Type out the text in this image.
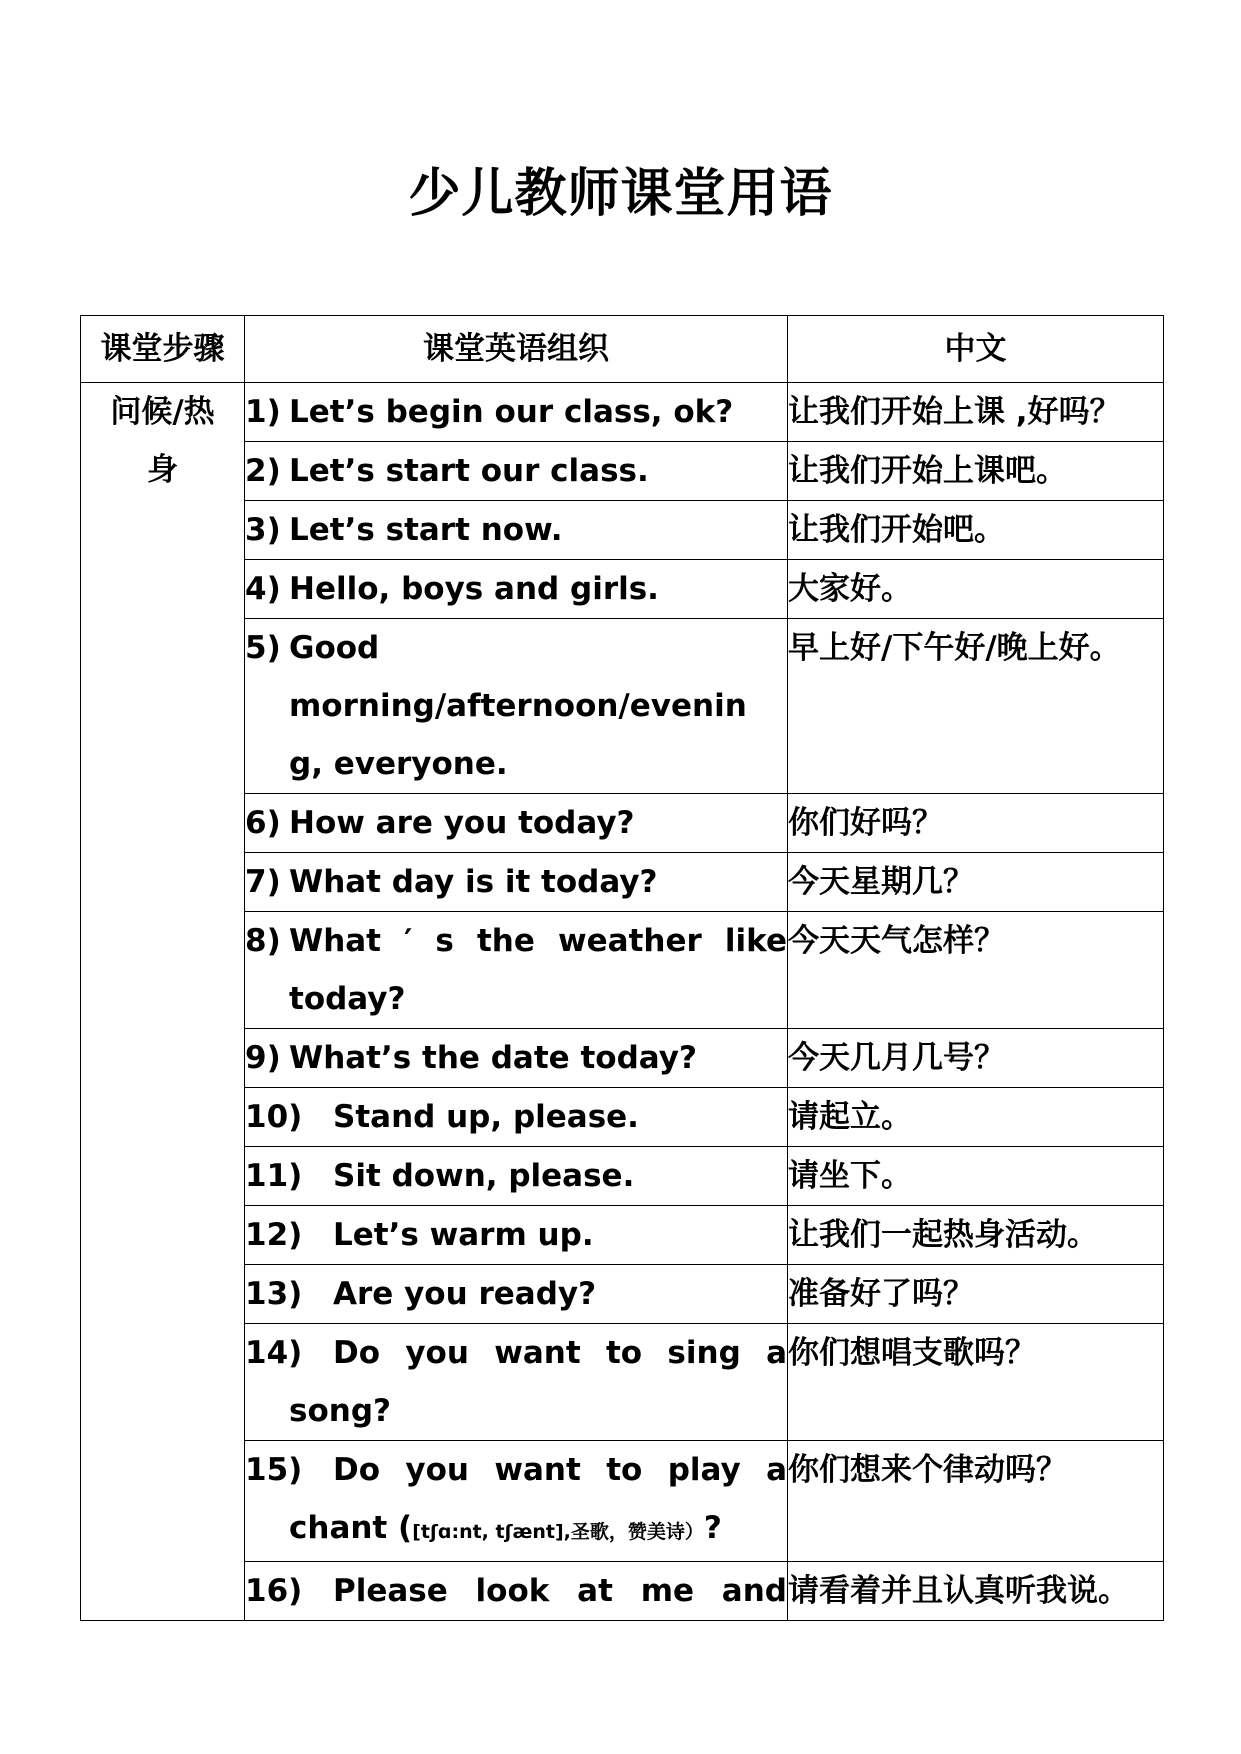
少儿教师课堂用语
课堂步骤	课堂英语组织	中文

问候/热身	1) Let’s begin our class, ok?	让我们开始上课 ,好吗？

	2) Let’s start our class.	让我们开始上课吧。

	3) Let’s start now.	让我们开始吧。

	4) Hello, boys and girls.	大家好。

	5) Good
morning/afternoon/evenin
g, everyone.	早上好/下午好/晚上好。

	6) How are you today?	你们好吗？

	7) What day is it today?	今天星期几？

	8) What ′ s the weather like
today?	今天天气怎样？

	9) What’s the date today?	今天几月几号？

	10) Stand up, please.	请起立。

	11) Sit down, please.	请坐下。

	12) Let’s warm up.	让我们一起热身活动。

	13) Are you ready?	准备好了吗？

	14) Do you want to sing a
song?	你们想唱支歌吗？

	15) Do you want to play a
chant ([tʃɑ:nt, tʃænt],圣歌，赞美诗）?	你们想来个律动吗？

	16) Please look at me and	请看着并且认真听我说。
